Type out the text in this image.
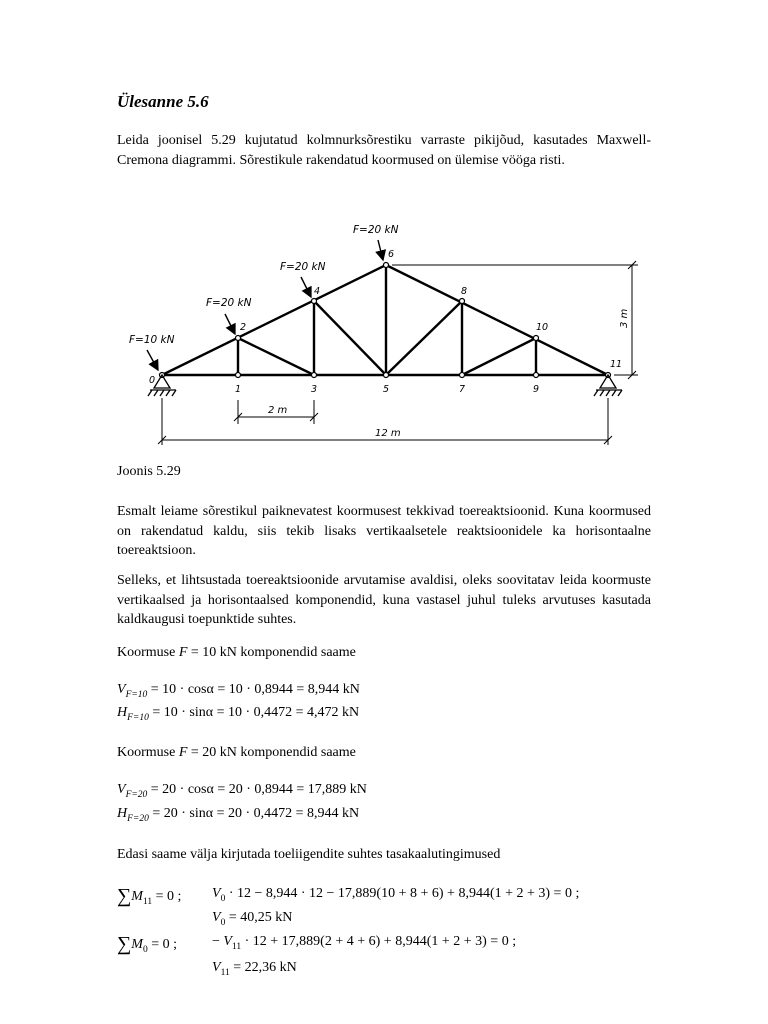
Ülesanne 5.6
Leida joonisel 5.29 kujutatud kolmnurksõrestiku varraste pikijõud, kasutades Maxwell-Cremona diagrammi. Sõrestikule rakendatud koormused on ülemise vööga risti.
F=20 kN
F=20 kN
F=20 kN
F=10 kN
0
1
2
3
4
5
6
7
8
9
10
11
2 m
12 m
3 m
Joonis 5.29
Esmalt leiame sõrestikul paiknevatest koormusest tekkivad toereaktsioonid. Kuna koormused on rakendatud kaldu, siis tekib lisaks vertikaalsetele reaktsioonidele ka horisontaalne toereaktsioon.
Selleks, et lihtsustada toereaktsioonide arvutamise avaldisi, oleks soovitatav leida koormuste vertikaalsed ja horisontaalsed komponendid, kuna vastasel juhul tuleks arvutuses kasutada kaldkaugusi toepunktide suhtes.
Koormuse F = 10 kN komponendid saame
$V_{F=10} = 10 \cdot \cos\alpha = 10 \cdot 0,8944 = 8,944$ kN
$H_{F=10} = 10 \cdot \sin\alpha = 10 \cdot 0,4472 = 4,472$ kN
Koormuse F = 20 kN komponendid saame
$V_{F=20} = 20 \cdot \cos\alpha = 20 \cdot 0,8944 = 17,889$ kN
$H_{F=20} = 20 \cdot \sin\alpha = 20 \cdot 0,4472 = 8,944$ kN
Edasi saame välja kirjutada toeliigendite suhtes tasakaalutingimused
$\sum M_{11} = 0$ ; $V_0 \cdot 12 - 8,944 \cdot 12 - 17,889(10 + 8 + 6) + 8,944(1 + 2 + 3) = 0$ ;
$V_0 = 40,25$ kN
$\sum M_0 = 0$ ;	− $V_{11} \cdot 12 + 17,889(2 + 4 + 6) + 8,944(1 + 2 + 3) = 0$ ;
$V_{11} = 22,36$ kN
